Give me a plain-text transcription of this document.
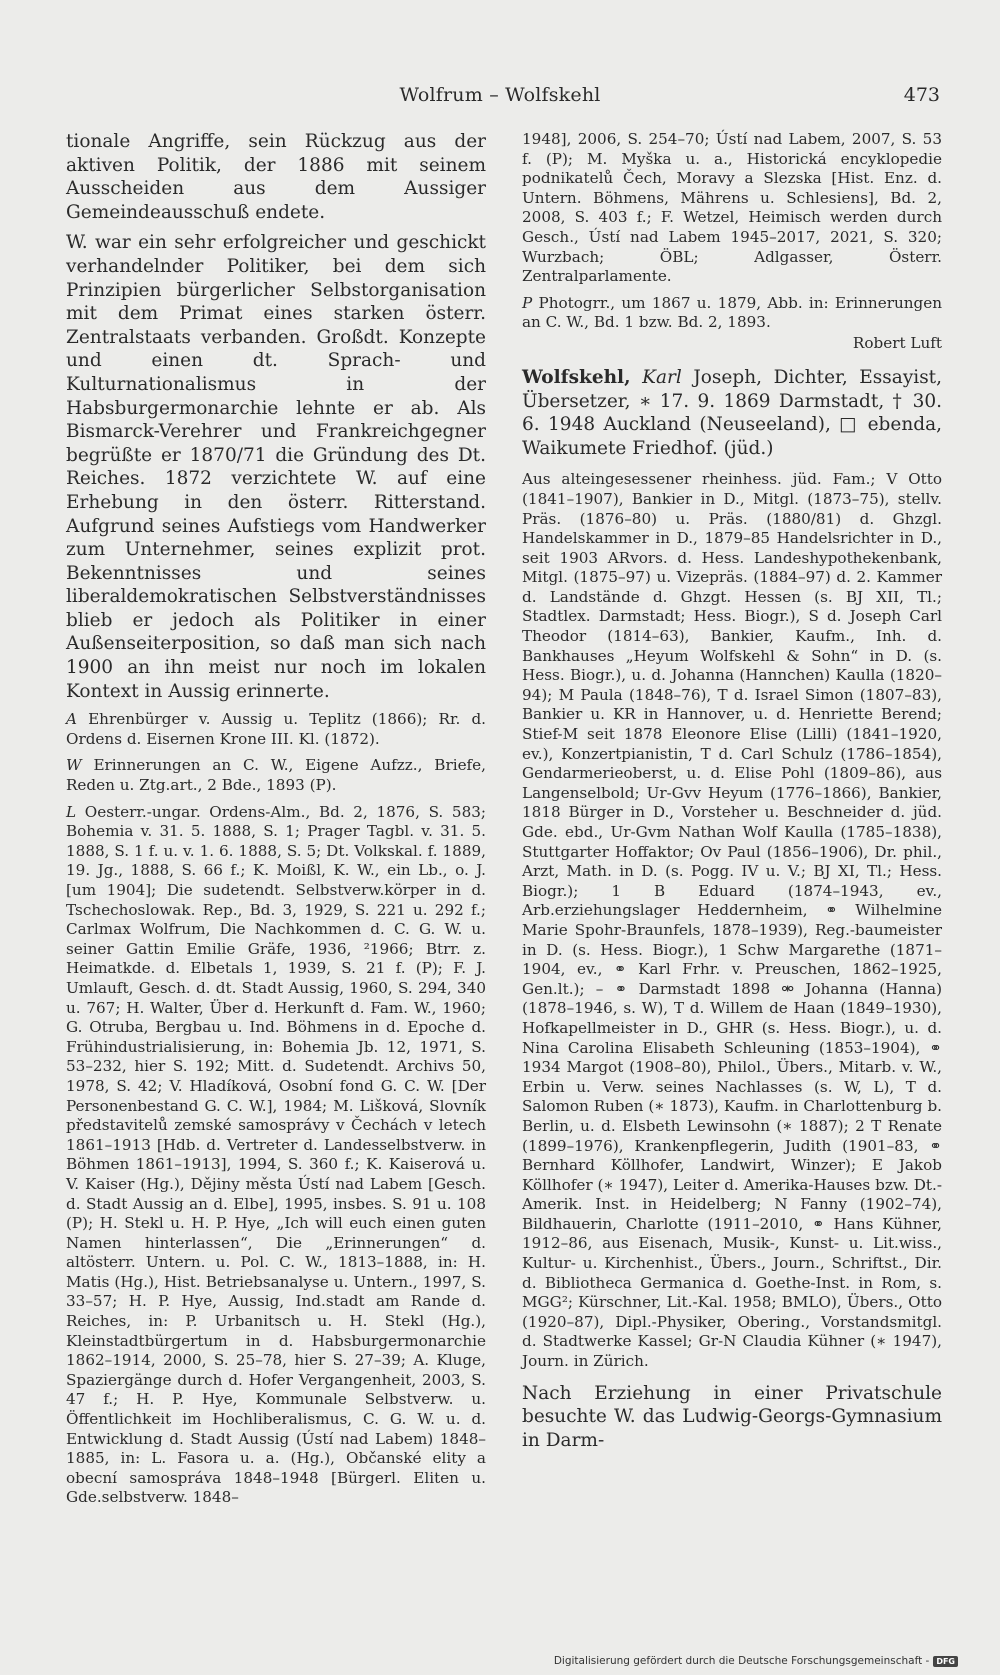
Wolfrum – Wolfskehl	473

tionale Angriffe, sein Rückzug aus der aktiven Politik, der 1886 mit seinem Ausscheiden aus dem Aussiger Gemeindeausschuß endete.

W. war ein sehr erfolgreicher und geschickt verhandelnder Politiker, bei dem sich Prinzipien bürgerlicher Selbstorganisation mit dem Primat eines starken österr. Zentralstaats verbanden. Großdt. Konzepte und einen dt. Sprach- und Kulturnationalismus in der Habsburgermonarchie lehnte er ab. Als Bismarck-Verehrer und Frankreichgegner begrüßte er 1870/71 die Gründung des Dt. Reiches. 1872 verzichtete W. auf eine Erhebung in den österr. Ritterstand. Aufgrund seines Aufstiegs vom Handwerker zum Unternehmer, seines explizit prot. Bekenntnisses und seines liberaldemokratischen Selbstverständnisses blieb er jedoch als Politiker in einer Außenseiterposition, so daß man sich nach 1900 an ihn meist nur noch im lokalen Kontext in Aussig erinnerte.

A Ehrenbürger v. Aussig u. Teplitz (1866); Rr. d. Ordens d. Eisernen Krone III. Kl. (1872).

W Erinnerungen an C. W., Eigene Aufzz., Briefe, Reden u. Ztg.art., 2 Bde., 1893 (P).

L Oesterr.-ungar. Ordens-Alm., Bd. 2, 1876, S. 583; Bohemia v. 31. 5. 1888, S. 1; Prager Tagbl. v. 31. 5. 1888, S. 1 f. u. v. 1. 6. 1888, S. 5; Dt. Volkskal. f. 1889, 19. Jg., 1888, S. 66 f.; K. Moißl, K. W., ein Lb., o. J. [um 1904]; Die sudetendt. Selbstverw.körper in d. Tschechoslowak. Rep., Bd. 3, 1929, S. 221 u. 292 f.; Carlmax Wolfrum, Die Nachkommen d. C. G. W. u. seiner Gattin Emilie Gräfe, 1936, ²1966; Btrr. z. Heimatkde. d. Elbetals 1, 1939, S. 21 f. (P); F. J. Umlauft, Gesch. d. dt. Stadt Aussig, 1960, S. 294, 340 u. 767; H. Walter, Über d. Herkunft d. Fam. W., 1960; G. Otruba, Bergbau u. Ind. Böhmens in d. Epoche d. Frühindustrialisierung, in: Bohemia Jb. 12, 1971, S. 53–232, hier S. 192; Mitt. d. Sudetendt. Archivs 50, 1978, S. 42; V. Hladíková, Osobní fond G. C. W. [Der Personenbestand G. C. W.], 1984; M. Lišková, Slovník představitelů zemské samosprávy v Čechách v letech 1861–1913 [Hdb. d. Vertreter d. Landesselbstverw. in Böhmen 1861–1913], 1994, S. 360 f.; K. Kaiserová u. V. Kaiser (Hg.), Dějiny města Ústí nad Labem [Gesch. d. Stadt Aussig an d. Elbe], 1995, insbes. S. 91 u. 108 (P); H. Stekl u. H. P. Hye, „Ich will euch einen guten Namen hinterlassen“, Die „Erinnerungen“ d. altösterr. Untern. u. Pol. C. W., 1813–1888, in: H. Matis (Hg.), Hist. Betriebsanalyse u. Untern., 1997, S. 33–57; H. P. Hye, Aussig, Ind.stadt am Rande d. Reiches, in: P. Urbanitsch u. H. Stekl (Hg.), Kleinstadtbürgertum in d. Habsburgermonarchie 1862–1914, 2000, S. 25–78, hier S. 27–39; A. Kluge, Spaziergänge durch d. Hofer Vergangenheit, 2003, S. 47 f.; H. P. Hye, Kommunale Selbstverw. u. Öffentlichkeit im Hochliberalismus, C. G. W. u. d. Entwicklung d. Stadt Aussig (Ústí nad Labem) 1848–1885, in: L. Fasora u. a. (Hg.), Občanské elity a obecní samospráva 1848–1948 [Bürgerl. Eliten u. Gde.selbstverw. 1848–

1948], 2006, S. 254–70; Ústí nad Labem, 2007, S. 53 f. (P); M. Myška u. a., Historická encyklopedie podnikatelů Čech, Moravy a Slezska [Hist. Enz. d. Untern. Böhmens, Mährens u. Schlesiens], Bd. 2, 2008, S. 403 f.; F. Wetzel, Heimisch werden durch Gesch., Ústí nad Labem 1945–2017, 2021, S. 320; Wurzbach; ÖBL; Adlgasser, Österr. Zentralparlamente.

P Photogrr., um 1867 u. 1879, Abb. in: Erinnerungen an C. W., Bd. 1 bzw. Bd. 2, 1893.

Robert Luft

Wolfskehl, Karl Joseph, Dichter, Essayist, Übersetzer, ∗ 17. 9. 1869 Darmstadt, † 30. 6. 1948 Auckland (Neuseeland), □ ebenda, Waikumete Friedhof. (jüd.)

Aus alteingesessener rheinhess. jüd. Fam.; V Otto (1841–1907), Bankier in D., Mitgl. (1873–75), stellv. Präs. (1876–80) u. Präs. (1880/81) d. Ghzgl. Handelskammer in D., 1879–85 Handelsrichter in D., seit 1903 ARvors. d. Hess. Landeshypothekenbank, Mitgl. (1875–97) u. Vizepräs. (1884–97) d. 2. Kammer d. Landstände d. Ghzgt. Hessen (s. BJ XII, Tl.; Stadtlex. Darmstadt; Hess. Biogr.), S d. Joseph Carl Theodor (1814–63), Bankier, Kaufm., Inh. d. Bankhauses „Heyum Wolfskehl & Sohn“ in D. (s. Hess. Biogr.), u. d. Johanna (Hannchen) Kaulla (1820–94); M Paula (1848–76), T d. Israel Simon (1807–83), Bankier u. KR in Hannover, u. d. Henriette Berend; Stief-M seit 1878 Eleonore Elise (Lilli) (1841–1920, ev.), Konzertpianistin, T d. Carl Schulz (1786–1854), Gendarmerieoberst, u. d. Elise Pohl (1809–86), aus Langenselbold; Ur-Gvv Heyum (1776–1866), Bankier, 1818 Bürger in D., Vorsteher u. Beschneider d. jüd. Gde. ebd., Ur-Gvm Nathan Wolf Kaulla (1785–1838), Stuttgarter Hoffaktor; Ov Paul (1856–1906), Dr. phil., Arzt, Math. in D. (s. Pogg. IV u. V.; BJ XI, Tl.; Hess. Biogr.); 1 B Eduard (1874–1943, ev., Arb.erziehungslager Heddernheim, ⚭ Wilhelmine Marie Spohr-Braunfels, 1878–1939), Reg.-baumeister in D. (s. Hess. Biogr.), 1 Schw Margarethe (1871–1904, ev., ⚭ Karl Frhr. v. Preuschen, 1862–1925, Gen.lt.); – ⚭ Darmstadt 1898 ⚮ Johanna (Hanna) (1878–1946, s. W), T d. Willem de Haan (1849–1930), Hofkapellmeister in D., GHR (s. Hess. Biogr.), u. d. Nina Carolina Elisabeth Schleuning (1853–1904), ⚭ 1934 Margot (1908–80), Philol., Übers., Mitarb. v. W., Erbin u. Verw. seines Nachlasses (s. W, L), T d. Salomon Ruben (∗ 1873), Kaufm. in Charlottenburg b. Berlin, u. d. Elsbeth Lewinsohn (∗ 1887); 2 T Renate (1899–1976), Krankenpflegerin, Judith (1901–83, ⚭ Bernhard Köllhofer, Landwirt, Winzer); E Jakob Köllhofer (∗ 1947), Leiter d. Amerika-Hauses bzw. Dt.-Amerik. Inst. in Heidelberg; N Fanny (1902–74), Bildhauerin, Charlotte (1911–2010, ⚭ Hans Kühner, 1912–86, aus Eisenach, Musik-, Kunst- u. Lit.wiss., Kultur- u. Kirchenhist., Übers., Journ., Schriftst., Dir. d. Bibliotheca Germanica d. Goethe-Inst. in Rom, s. MGG²; Kürschner, Lit.-Kal. 1958; BMLO), Übers., Otto (1920–87), Dipl.-Physiker, Obering., Vorstandsmitgl. d. Stadtwerke Kassel; Gr-N Claudia Kühner (∗ 1947), Journ. in Zürich.

Nach Erziehung in einer Privatschule besuchte W. das Ludwig-Georgs-Gymnasium in Darm-

Digitalisierung gefördert durch die Deutsche Forschungsgemeinschaft - DFG
